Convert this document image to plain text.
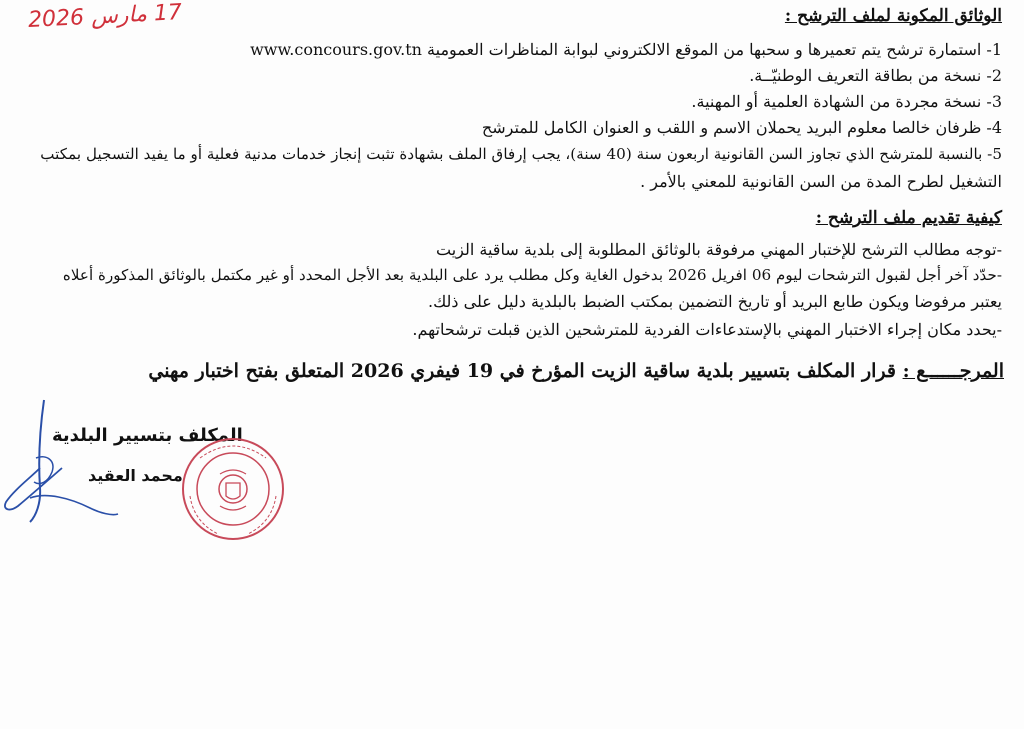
17 مارس 2026	الوثائق المكونة لملف الترشح :
1- استمارة ترشح يتم تعميرها و سحبها من الموقع الالكتروني لبوابة المناظرات العمومية www.concours.gov.tn
2- نسخة من بطاقة التعريف الوطنيّــة.
3- نسخة مجردة من الشهادة العلمية أو المهنية.
4- ظرفان خالصا معلوم البريد يحملان الاسم و اللقب و العنوان الكامل للمترشح
5- بالنسبة للمترشح الذي تجاوز السن القانونية اربعون سنة (40 سنة)، يجب إرفاق الملف بشهادة تثبت إنجاز خدمات مدنية فعلية أو ما يفيد التسجيل بمكتب
التشغيل لطرح المدة من السن القانونية للمعني بالأمر .
كيفية تقديم ملف الترشح :
-توجه مطالب الترشح للإختبار المهني مرفوقة بالوثائق المطلوبة إلى بلدية ساقية الزيت
-حدّد آخر أجل لقبول الترشحات ليوم 06 افريل 2026 بدخول الغاية وكل مطلب يرد على البلدية بعد الأجل المحدد أو غير مكتمل بالوثائق المذكورة أعلاه
يعتبر مرفوضا ويكون طابع البريد أو تاريخ التضمين بمكتب الضبط بالبلدية دليل على ذلك.
-يحدد مكان إجراء الاختبار المهني بالإستدعاءات الفردية للمترشحين الذين قبلت ترشحاتهم.
المرجــــــع : قرار المكلف بتسيير بلدية ساقية الزيت المؤرخ في 19 فيفري 2026 المتعلق بفتح اختبار مهني
المكلف بتسيير البلدية
محمد العقيد
